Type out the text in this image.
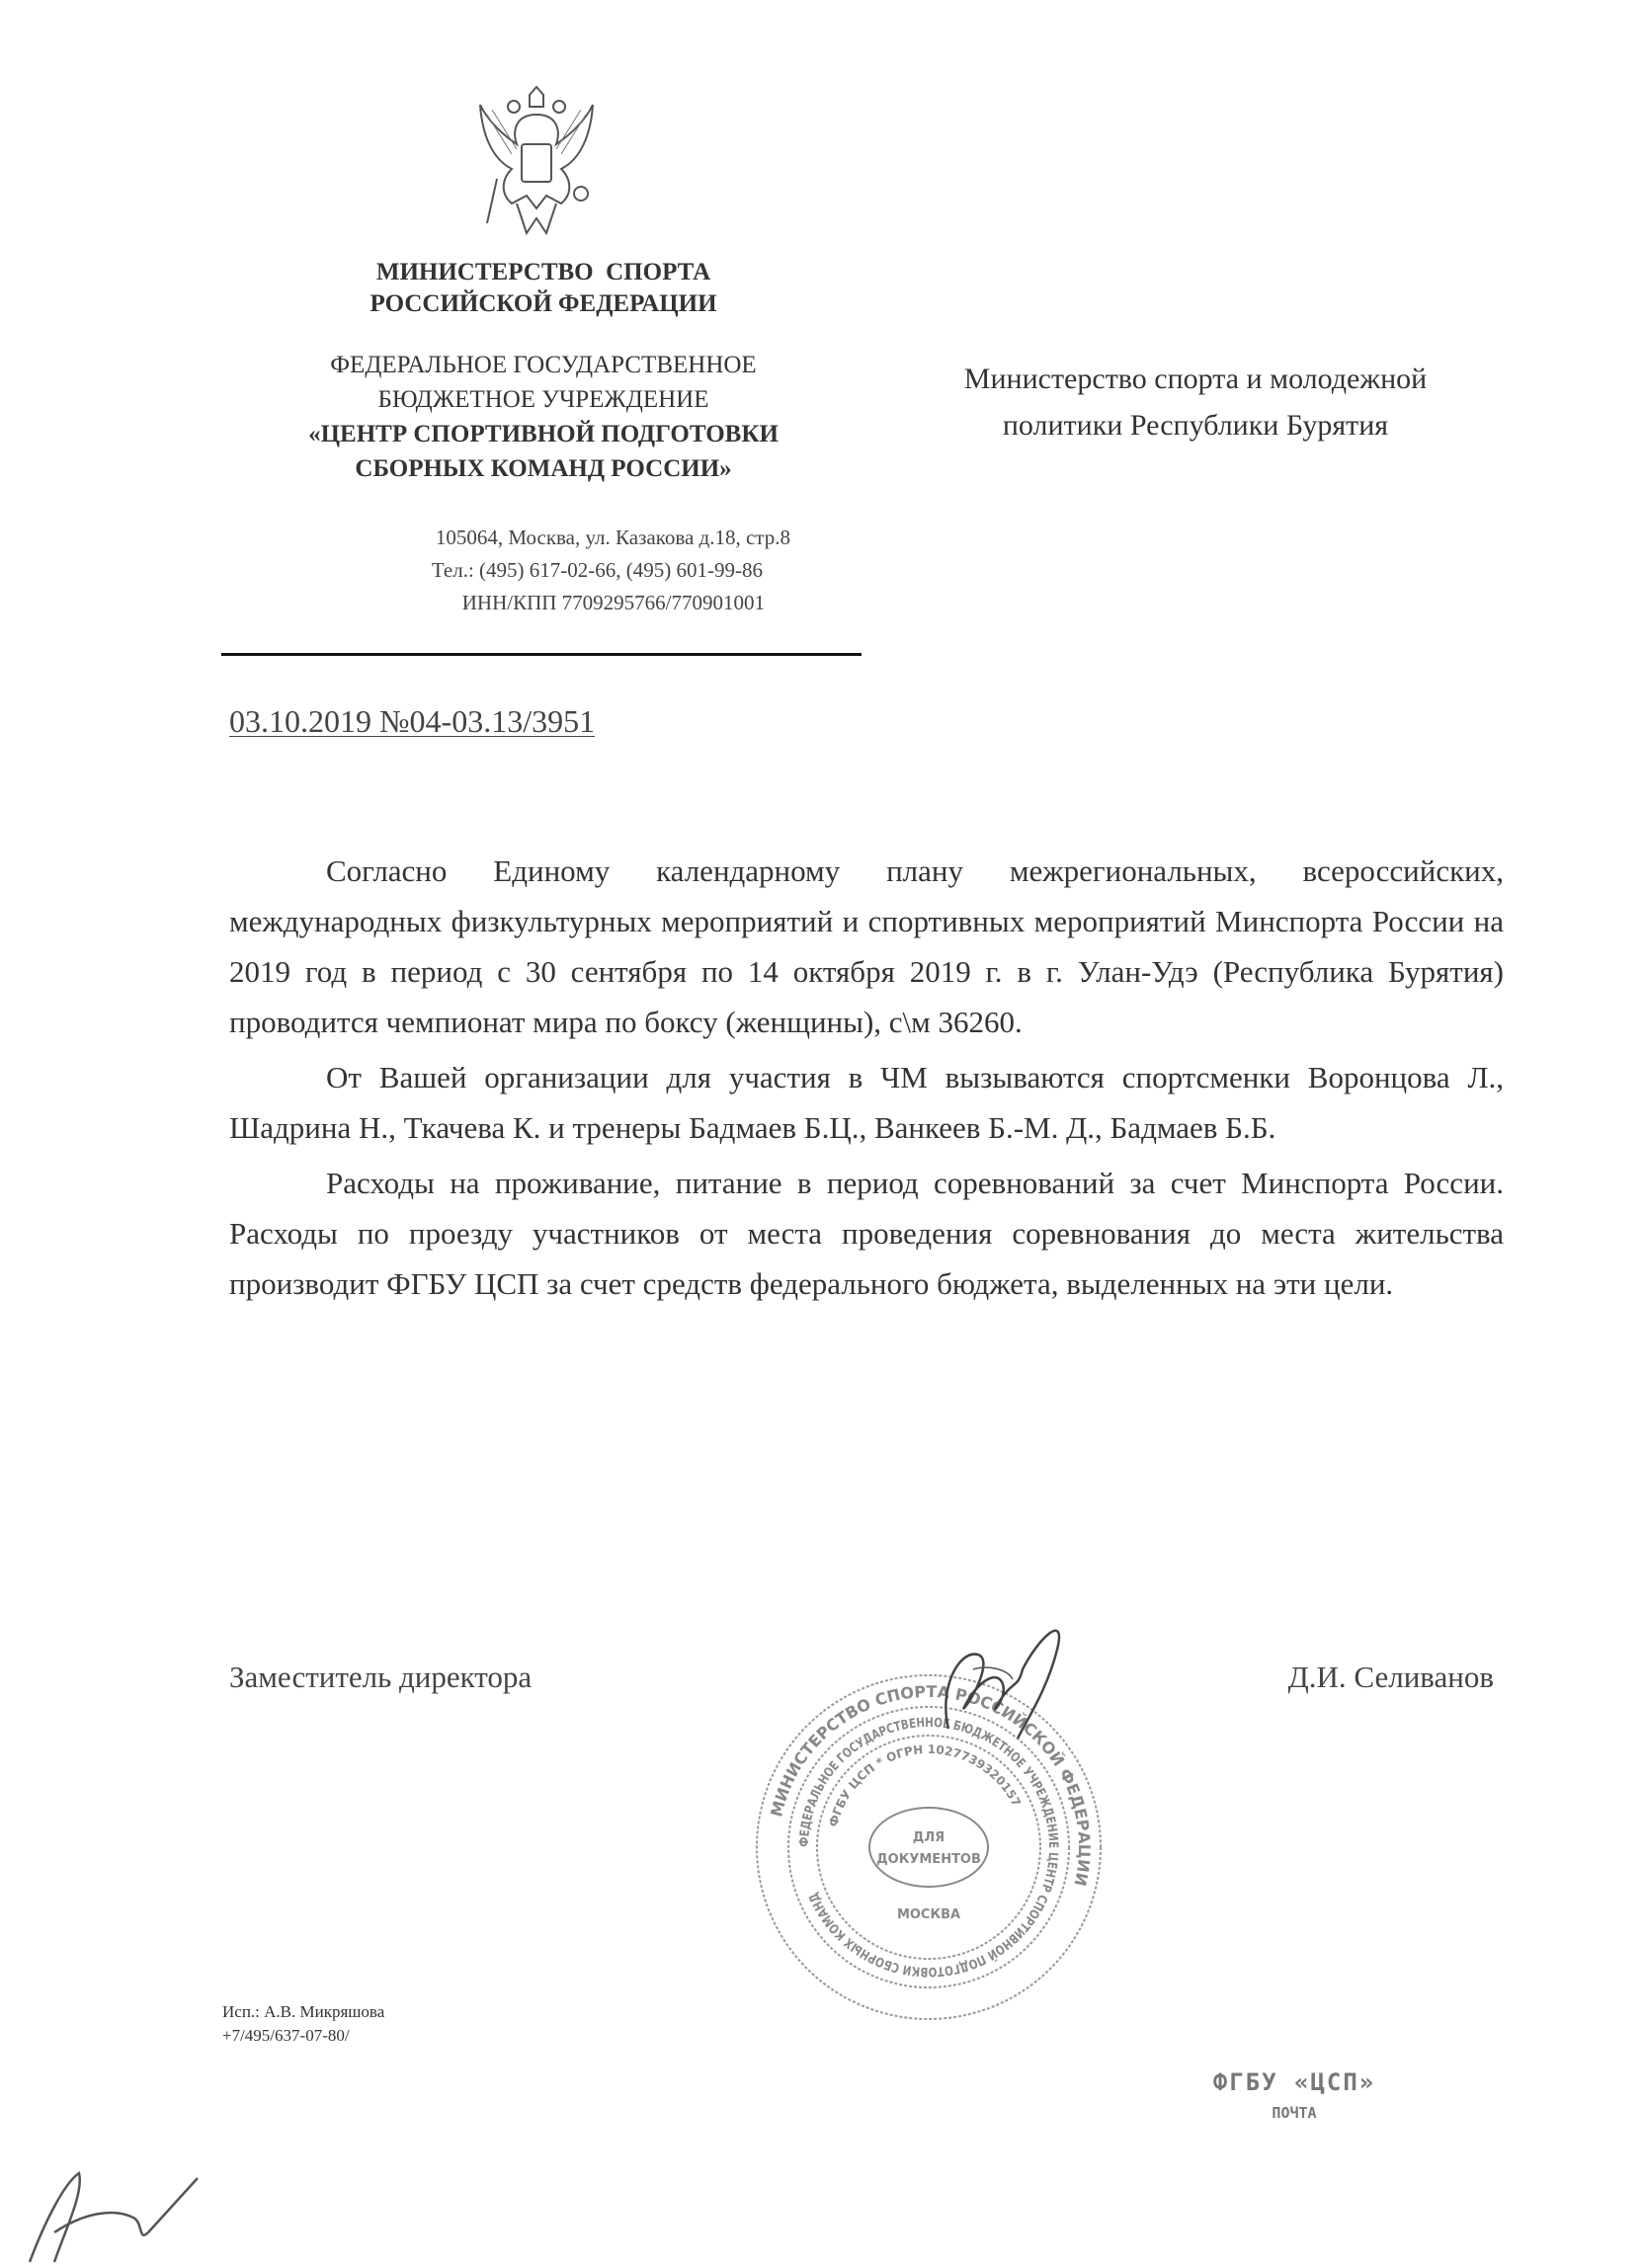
МИНИСТЕРСТВО  СПОРТА
РОССИЙСКОЙ ФЕДЕРАЦИИ
ФЕДЕРАЛЬНОЕ ГОСУДАРСТВЕННОЕ
БЮДЖЕТНОЕ УЧРЕЖДЕНИЕ
«ЦЕНТР СПОРТИВНОЙ ПОДГОТОВКИ
СБОРНЫХ КОМАНД РОССИИ»
105064, Москва, ул. Казакова д.18, стр.8
Тел.: (495) 617-02-66, (495) 601-99-86
ИНН/КПП 7709295766/770901001
03.10.2019 №04-03.13/3951
Министерство спорта и молодежной
политики Республики Бурятия

Согласно Единому календарному плану межрегиональных, всероссийских, международных физкультурных мероприятий и спортивных мероприятий Минспорта России на 2019 год в период с 30 сентября по 14 октября 2019 г. в г. Улан-Удэ (Республика Бурятия) проводится чемпионат мира по боксу (женщины), с\м 36260.

От Вашей организации для участия в ЧМ вызываются спортсменки Воронцова Л., Шадрина Н., Ткачева К. и тренеры Бадмаев Б.Ц., Ванкеев Б.-М. Д., Бадмаев Б.Б.

Расходы на проживание, питание в период соревнований за счет Минспорта России. Расходы по проезду участников от места проведения соревнования до места жительства производит ФГБУ ЦСП за счет средств федерального бюджета, выделенных на эти цели.

Заместитель директора	Д.И. Селиванов
МИНИСТЕРСТВО СПОРТА РОССИЙСКОЙ ФЕДЕРАЦИИ
ФЕДЕРАЛЬНОЕ ГОСУДАРСТВЕННОЕ БЮДЖЕТНОЕ УЧРЕЖДЕНИЕ ЦЕНТР СПОРТИВНОЙ ПОДГОТОВКИ СБОРНЫХ КОМАНД
ФГБУ ЦСП * ОГРН 1027739320157
ДЛЯ
ДОКУМЕНТОВ
МОСКВА
Исп.: А.В. Микряшова
+7/495/637-07-80/
ФГБУ «ЦСП»
ПОЧТА
